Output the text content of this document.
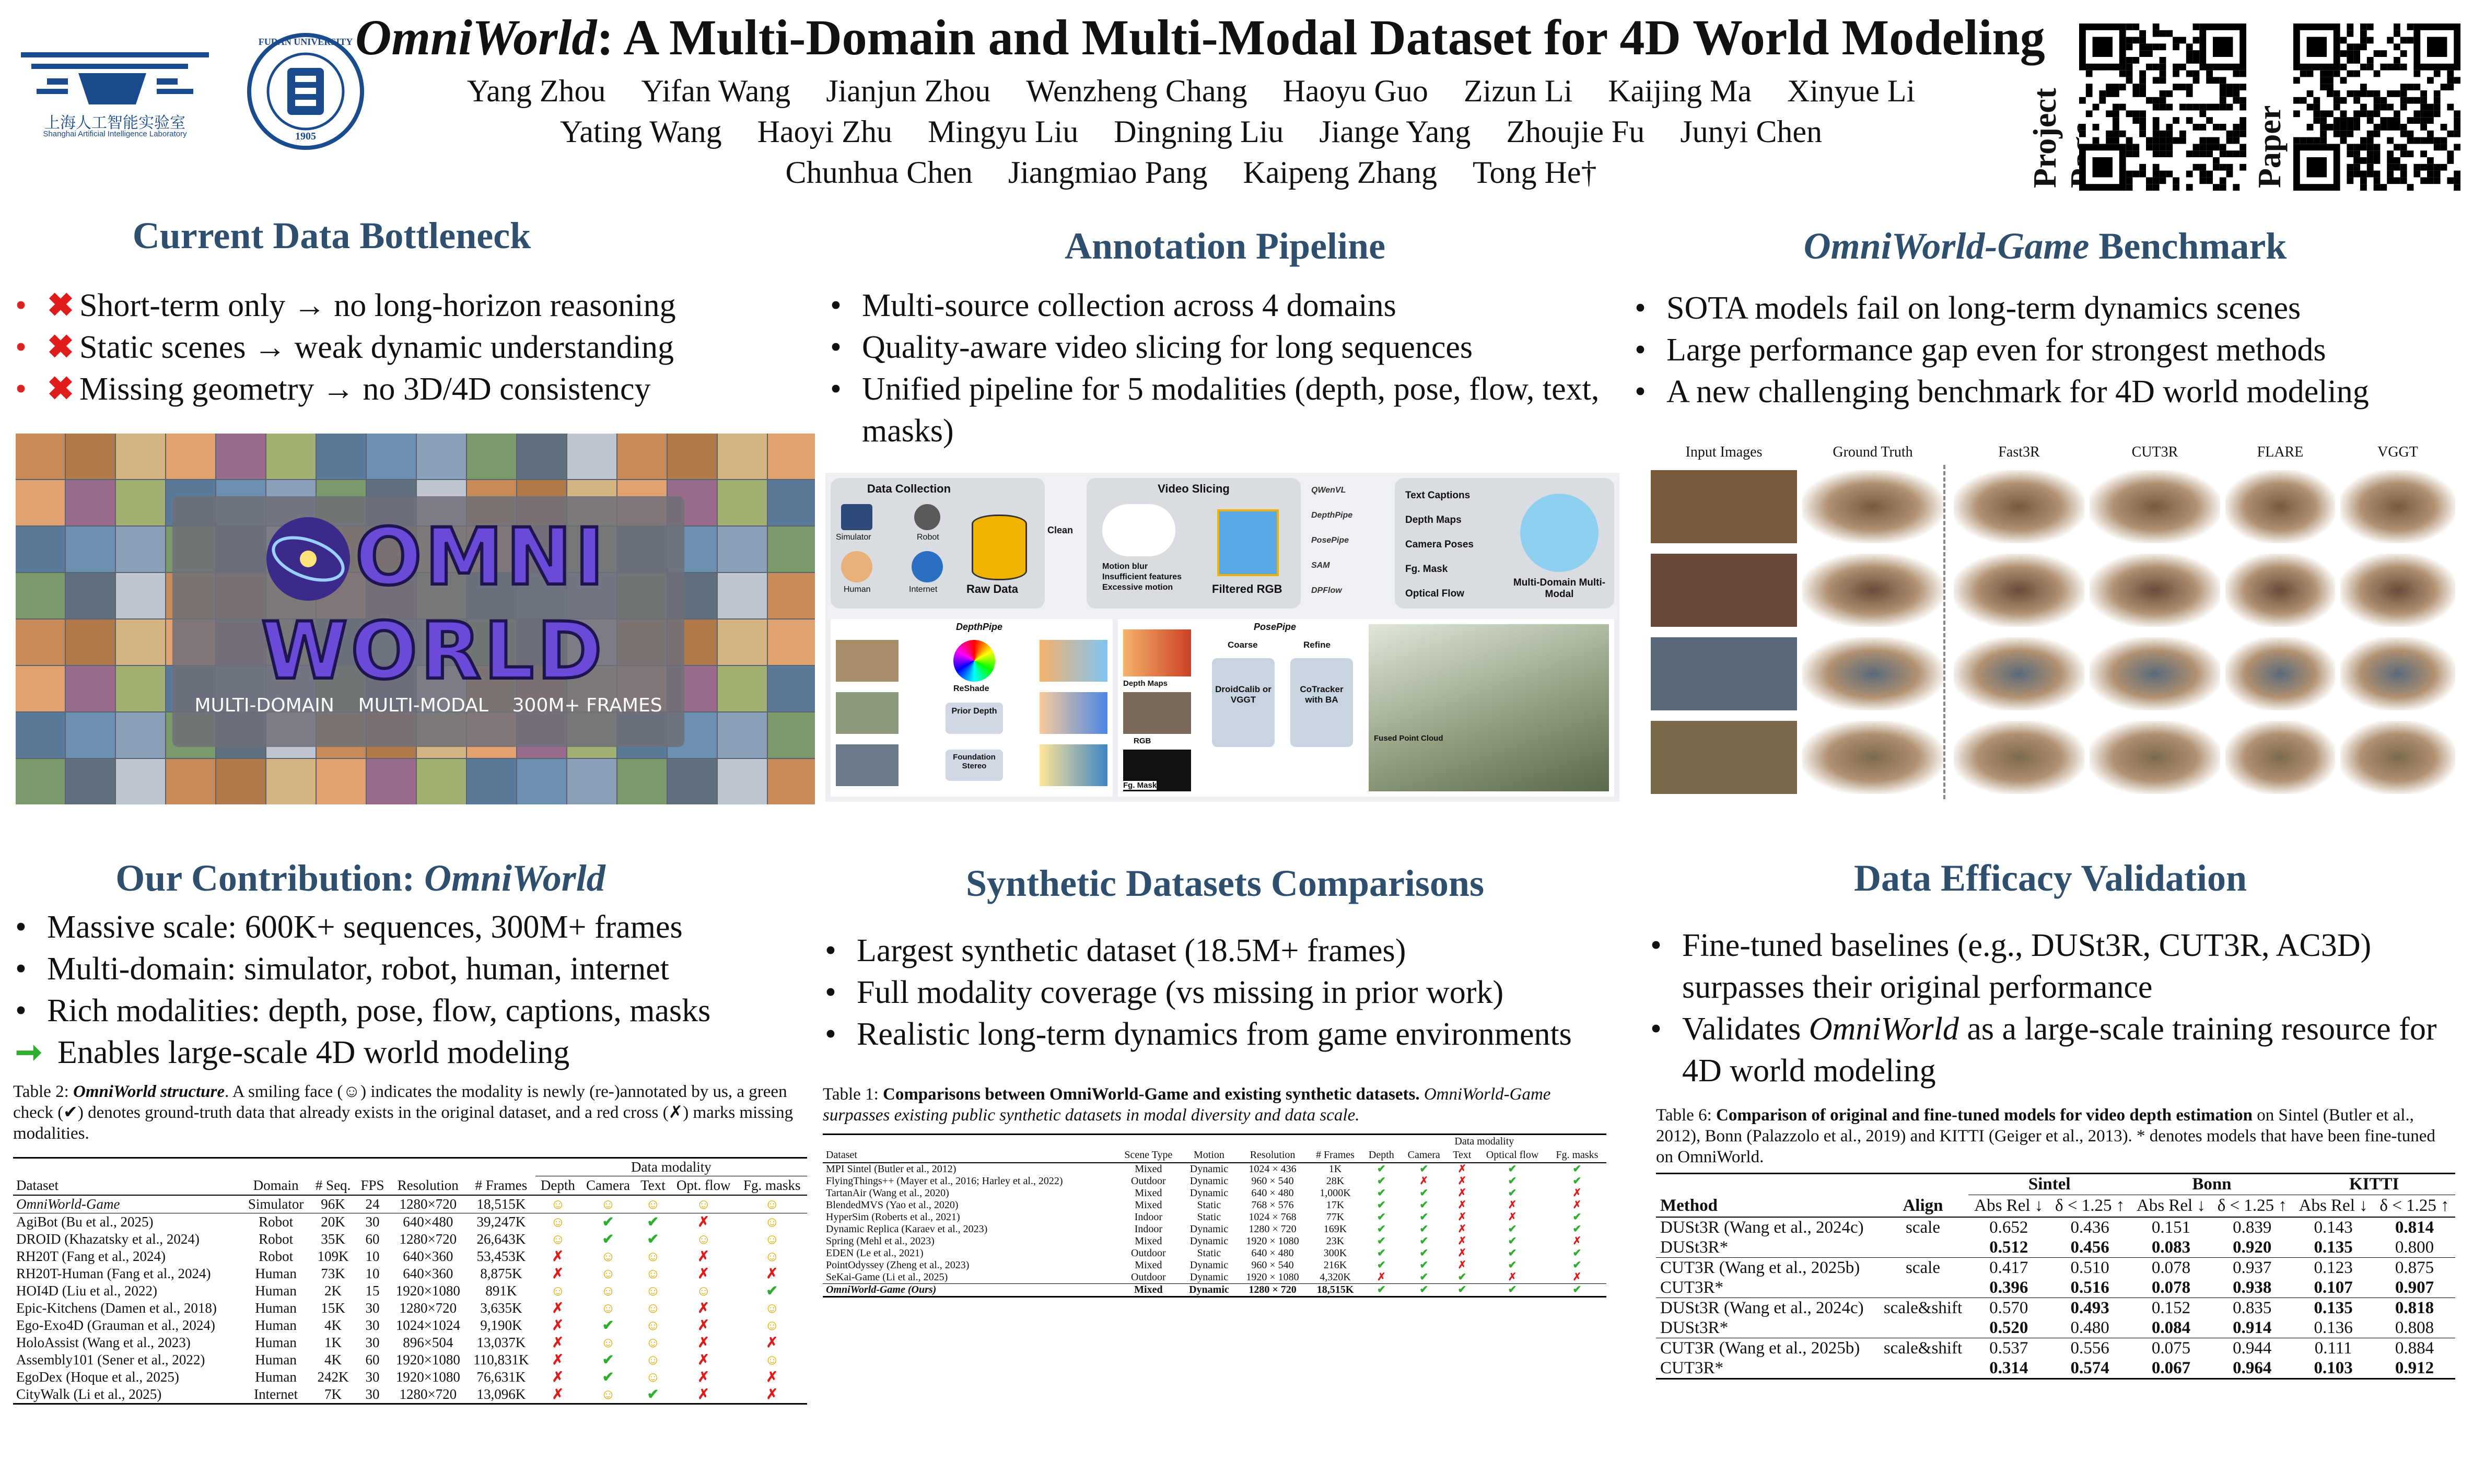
上海人工智能实验室
Shanghai Artificial Intelligence Laboratory
FUDAN UNIVERSITY
1905
OmniWorld: A Multi-Domain and Multi-Modal Dataset for 4D World Modeling
Yang Zhou Yifan Wang Jianjun Zhou Wenzheng Chang Haoyu Guo Zizun Li Kaijing Ma Xinyue Li
Yating Wang Haoyi Zhu Mingyu Liu Dingning Liu Jiange Yang Zhoujie Fu Junyi Chen
Chunhua Chen Jiangmiao Pang Kaipeng Zhang Tong He†	Project	Paper
Current Data Bottleneck
• ✖ Short-term only → no long-horizon reasoning
• ✖ Static scenes → weak dynamic understanding
• ✖ Missing geometry → no 3D/4D consistency
OMNI
WORLD
MULTI-DOMAIN    MULTI-MODAL    300M+ FRAMES
Annotation Pipeline
• Multi-source collection across 4 domains
• Quality-aware video slicing for long sequences
• Unified pipeline for 5 modalities (depth, pose, flow, text, masks)
Data Collection
Simulator	Robot
Human	Internet	Raw Data
Clean
Video Slicing
Motion blur
Insufficient features
Excessive motion	Filtered RGB
QWenVL
DepthPipe
PosePipe
SAM
DPFlow
Text Captions
Depth Maps
Camera Poses
Fg. Mask
Optical Flow
Multi-Domain Multi-Modal
DepthPipe
ReShade
Prior Depth
Foundation Stereo
PosePipe
Depth Maps
RGB
Fg. Mask
Coarse
DroidCalib or VGGT
Refine
CoTracker with BA
Fused Point Cloud
OmniWorld-Game Benchmark
• SOTA models fail on long-term dynamics scenes
• Large performance gap even for strongest methods
• A new challenging benchmark for 4D world modeling
Input Images	Ground Truth	Fast3R	CUT3R	FLARE	VGGT
Our Contribution: OmniWorld
• Massive scale: 600K+ sequences, 300M+ frames
• Multi-domain: simulator, robot, human, internet
• Rich modalities: depth, pose, flow, captions, masks
➞ Enables large-scale 4D world modeling
Table 2: OmniWorld structure. A smiling face (☺) indicates the modality is newly (re-)annotated by us, a green check (✔) denotes ground-truth data that already exists in the original dataset, and a red cross (✗) marks missing modalities.
						Data modality				
Dataset	Domain	# Seq.	FPS	Resolution	# Frames	Depth	Camera	Text	Opt. flow	Fg. masks
OmniWorld-Game	Simulator	96K	24	1280×720	18,515K	☺	☺	☺	☺	☺
AgiBot (Bu et al., 2025)	Robot	20K	30	640×480	39,247K	☺	✔	✔	✗	☺
DROID (Khazatsky et al., 2024)	Robot	35K	60	1280×720	26,643K	☺	✔	✔	☺	☺
RH20T (Fang et al., 2024)	Robot	109K	10	640×360	53,453K	✗	☺	☺	✗	☺
RH20T-Human (Fang et al., 2024)	Human	73K	10	640×360	8,875K	✗	☺	☺	✗	✗
HOI4D (Liu et al., 2022)	Human	2K	15	1920×1080	891K	☺	☺	☺	☺	✔
Epic-Kitchens (Damen et al., 2018)	Human	15K	30	1280×720	3,635K	✗	☺	☺	✗	☺
Ego-Exo4D (Grauman et al., 2024)	Human	4K	30	1024×1024	9,190K	✗	✔	☺	✗	☺
HoloAssist (Wang et al., 2023)	Human	1K	30	896×504	13,037K	✗	☺	☺	✗	✗
Assembly101 (Sener et al., 2022)	Human	4K	60	1920×1080	110,831K	✗	✔	☺	✗	☺
EgoDex (Hoque et al., 2025)	Human	242K	30	1920×1080	76,631K	✗	✔	☺	✗	✗
CityWalk (Li et al., 2025)	Internet	7K	30	1280×720	13,096K	✗	☺	✔	✗	✗
Synthetic Datasets Comparisons
• Largest synthetic dataset (18.5M+ frames)
• Full modality coverage (vs missing in prior work)
• Realistic long-term dynamics from game environments
Table 1: Comparisons between OmniWorld-Game and existing synthetic datasets. OmniWorld-Game surpasses existing public synthetic datasets in modal diversity and data scale.
					Data modality				
Dataset	Scene Type	Motion	Resolution	# Frames	Depth	Camera	Text	Optical flow	Fg. masks
MPI Sintel (Butler et al., 2012)	Mixed	Dynamic	1024 × 436	1K	✔	✔	✗	✔	✔
FlyingThings++ (Mayer et al., 2016; Harley et al., 2022)	Outdoor	Dynamic	960 × 540	28K	✔	✗	✗	✔	✔
TartanAir (Wang et al., 2020)	Mixed	Dynamic	640 × 480	1,000K	✔	✔	✗	✔	✗
BlendedMVS (Yao et al., 2020)	Mixed	Static	768 × 576	17K	✔	✔	✗	✗	✗
HyperSim (Roberts et al., 2021)	Indoor	Static	1024 × 768	77K	✔	✔	✗	✗	✔
Dynamic Replica (Karaev et al., 2023)	Indoor	Dynamic	1280 × 720	169K	✔	✔	✗	✔	✔
Spring (Mehl et al., 2023)	Mixed	Dynamic	1920 × 1080	23K	✔	✔	✗	✔	✗
EDEN (Le et al., 2021)	Outdoor	Static	640 × 480	300K	✔	✔	✗	✔	✔
PointOdyssey (Zheng et al., 2023)	Mixed	Dynamic	960 × 540	216K	✔	✔	✗	✔	✔
SeKai-Game (Li et al., 2025)	Outdoor	Dynamic	1920 × 1080	4,320K	✗	✔	✔	✗	✗
OmniWorld-Game (Ours)	Mixed	Dynamic	1280 × 720	18,515K	✔	✔	✔	✔	✔
Data Efficacy Validation
• Fine-tuned baselines (e.g., DUSt3R, CUT3R, AC3D) surpasses their original performance
• Validates OmniWorld as a large-scale training resource for 4D world modeling
Table 6: Comparison of original and fine-tuned models for video depth estimation on Sintel (Butler et al., 2012), Bonn (Palazzolo et al., 2019) and KITTI (Geiger et al., 2013). * denotes models that have been fine-tuned on OmniWorld.
		Sintel		Bonn		KITTI	
Method	Align	Abs Rel ↓	δ < 1.25 ↑	Abs Rel ↓	δ < 1.25 ↑	Abs Rel ↓	δ < 1.25 ↑
DUSt3R (Wang et al., 2024c)	scale	0.652	0.436	0.151	0.839	0.143	0.814
DUSt3R*		0.512	0.456	0.083	0.920	0.135	0.800
CUT3R (Wang et al., 2025b)	scale	0.417	0.510	0.078	0.937	0.123	0.875
CUT3R*		0.396	0.516	0.078	0.938	0.107	0.907
DUSt3R (Wang et al., 2024c)	scale&shift	0.570	0.493	0.152	0.835	0.135	0.818
DUSt3R*		0.520	0.480	0.084	0.914	0.136	0.808
CUT3R (Wang et al., 2025b)	scale&shift	0.537	0.556	0.075	0.944	0.111	0.884
CUT3R*		0.314	0.574	0.067	0.964	0.103	0.912
